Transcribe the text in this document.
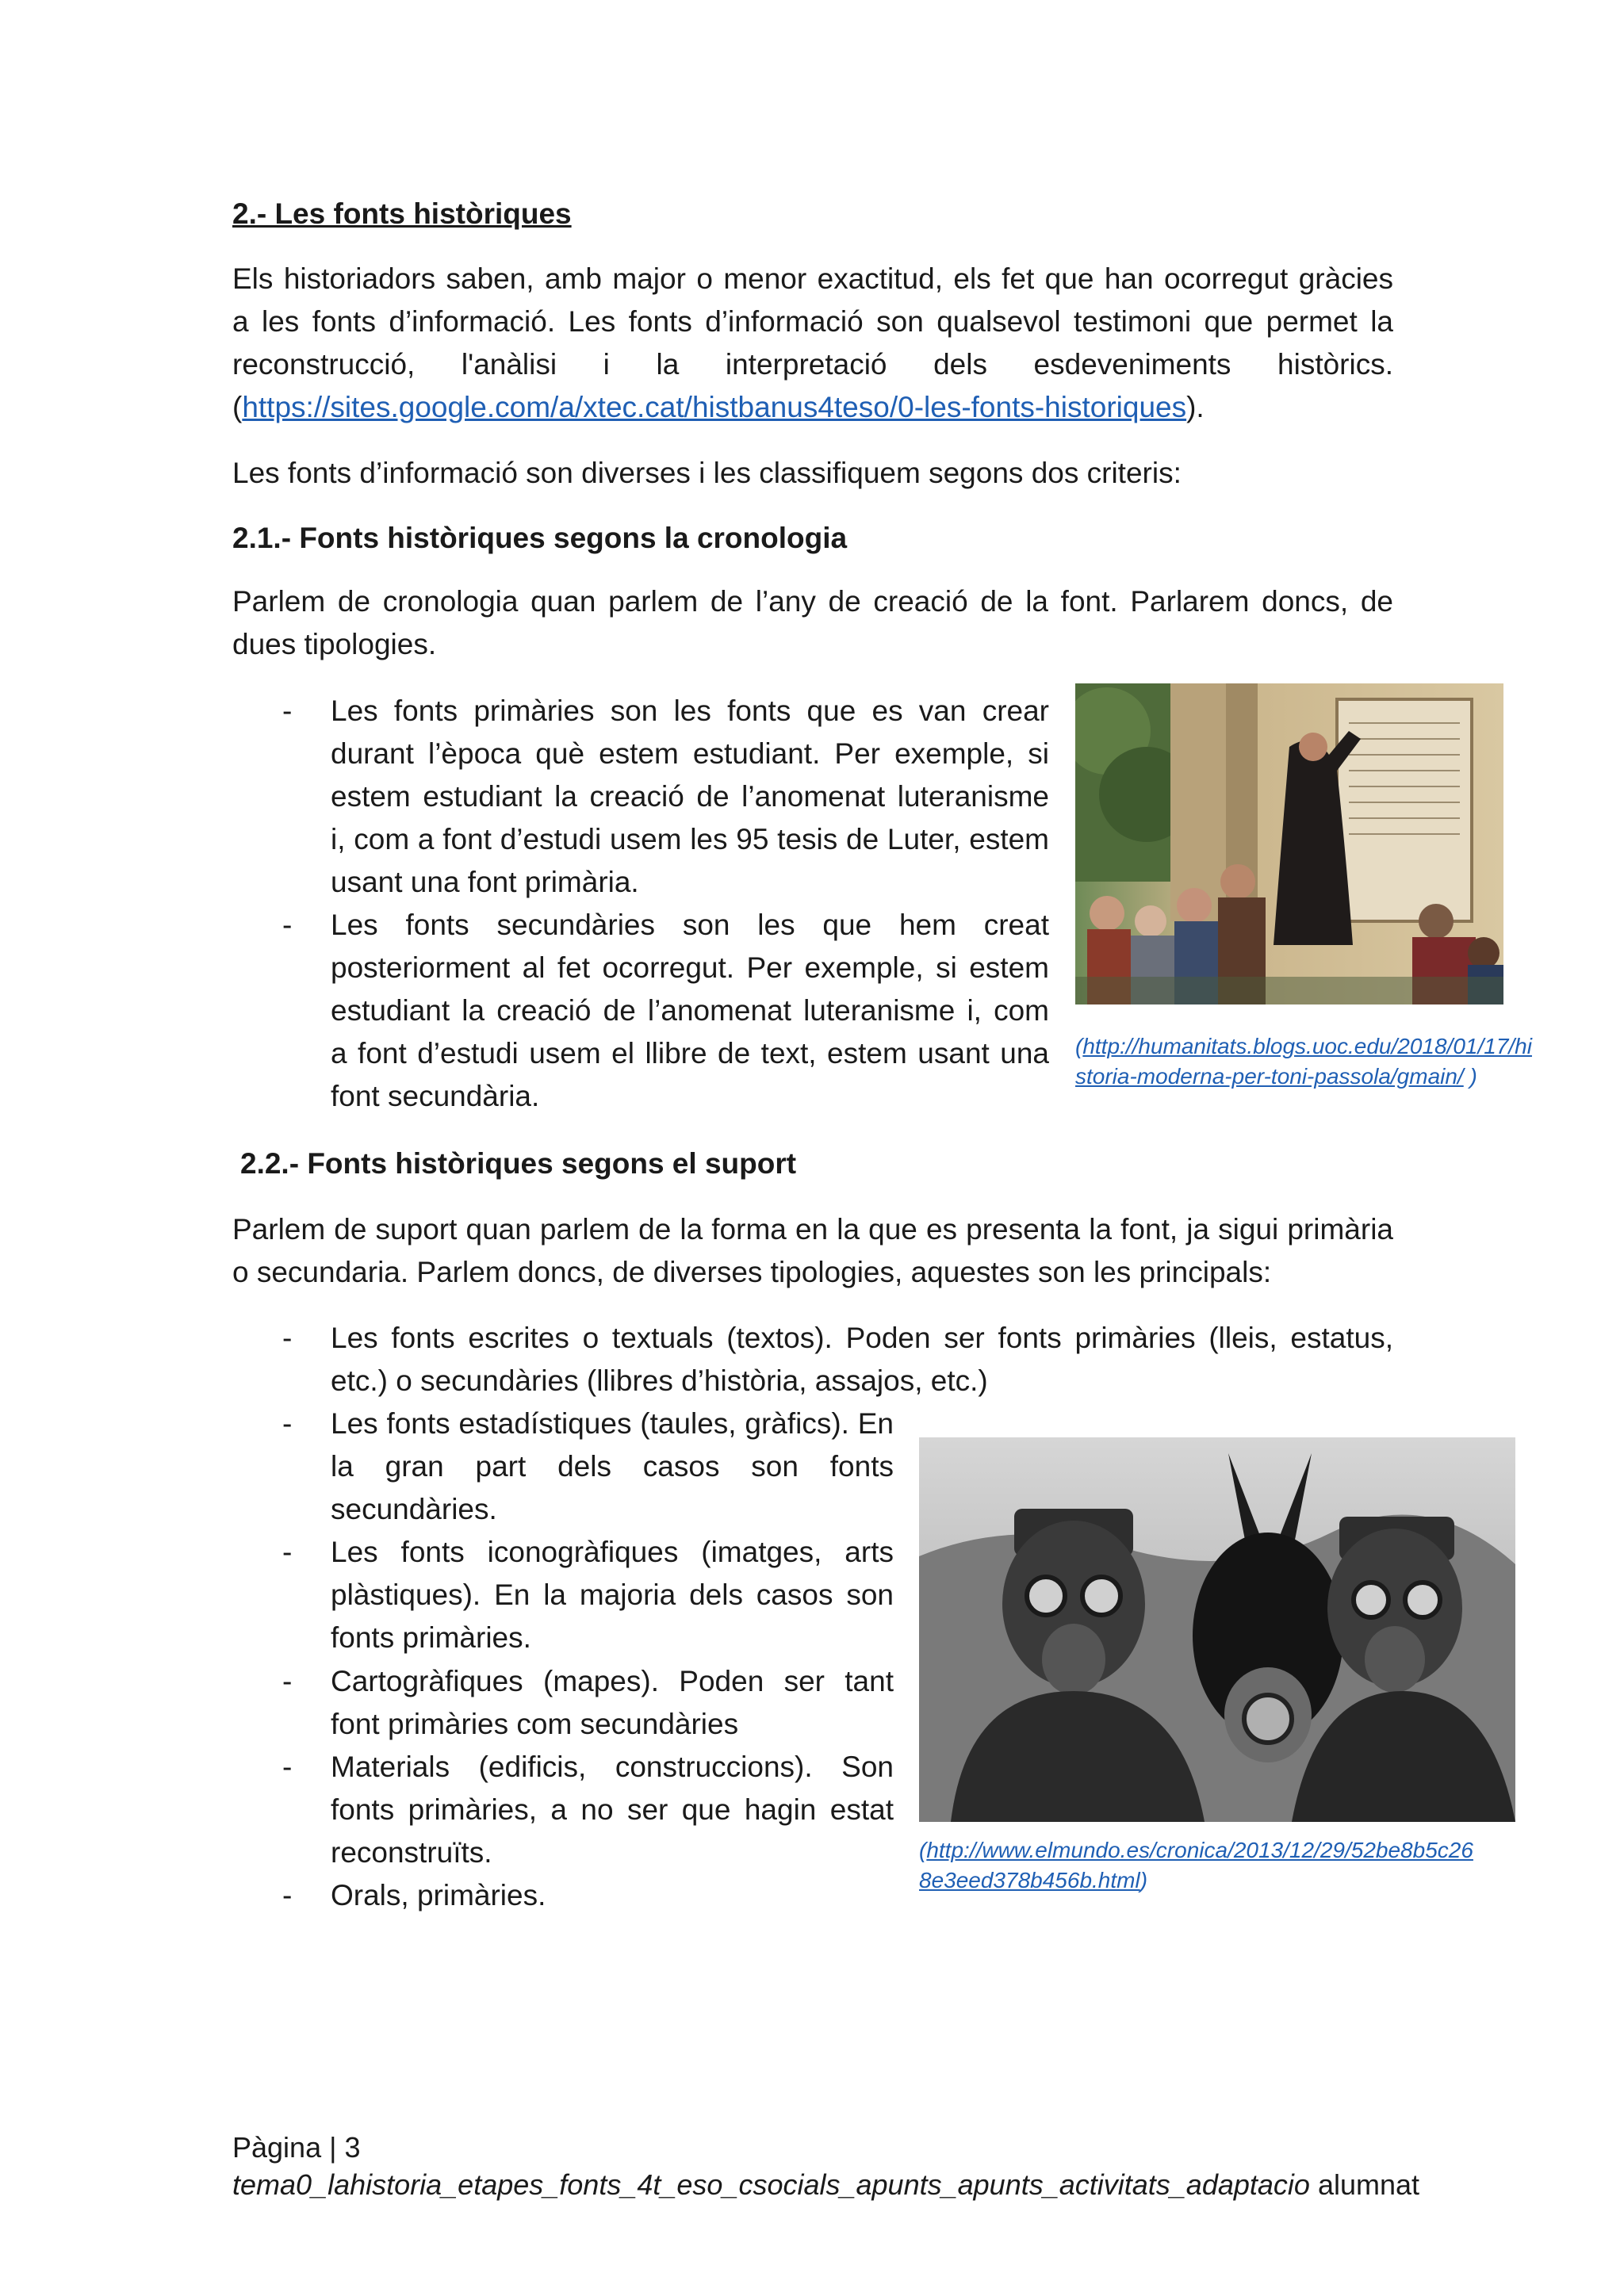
2.- Les fonts històriques
Els historiadors saben, amb major o menor exactitud, els fet que han ocorregut gràcies
a les fonts d’informació. Les fonts d’informació son qualsevol testimoni que permet la
reconstrucció, l'anàlisi i la interpretació dels esdeveniments històrics.
(https://sites.google.com/a/xtec.cat/histbanus4teso/0-les-fonts-historiques).
Les fonts d’informació son diverses i les classifiquem segons dos criteris:
2.1.- Fonts històriques segons la cronologia
Parlem de cronologia quan parlem de l’any de creació de la font. Parlarem doncs, de
dues tipologies.
- Les fonts primàries son les fonts que es van crear
durant l’època què estem estudiant. Per exemple, si
estem estudiant la creació de l’anomenat luteranisme
i, com a font d’estudi usem les 95 tesis de Luter, estem
usant una font primària.
- Les fonts secundàries son les que hem creat
posteriorment al fet ocorregut. Per exemple, si estem
estudiant la creació de l’anomenat luteranisme i, com
a font d’estudi usem el llibre de text, estem usant una
font secundària.
(http://humanitats.blogs.uoc.edu/2018/01/17/hi
storia-moderna-per-toni-passola/gmain/ )
2.2.- Fonts històriques segons el suport
Parlem de suport quan parlem de la forma en la que es presenta la font, ja sigui primària
o secundaria. Parlem doncs, de diverses tipologies, aquestes son les principals:
- Les fonts escrites o textuals (textos). Poden ser fonts primàries (lleis, estatus,
etc.) o secundàries (llibres d’història, assajos, etc.)
- Les fonts estadístiques (taules, gràfics). En
la gran part dels casos son fonts
secundàries.
- Les fonts iconogràfiques (imatges, arts
plàstiques). En la majoria dels casos son
fonts primàries.
- Cartogràfiques (mapes). Poden ser tant
font primàries com secundàries
- Materials (edificis, construccions). Son
fonts primàries, a no ser que hagin estat
reconstruïts.
- Orals, primàries.
(http://www.elmundo.es/cronica/2013/12/29/52be8b5c26
8e3eed378b456b.html)
Pàgina | 3
tema0_lahistoria_etapes_fonts_4t_eso_csocials_apunts_apunts_activitats_adaptacio alumnat
